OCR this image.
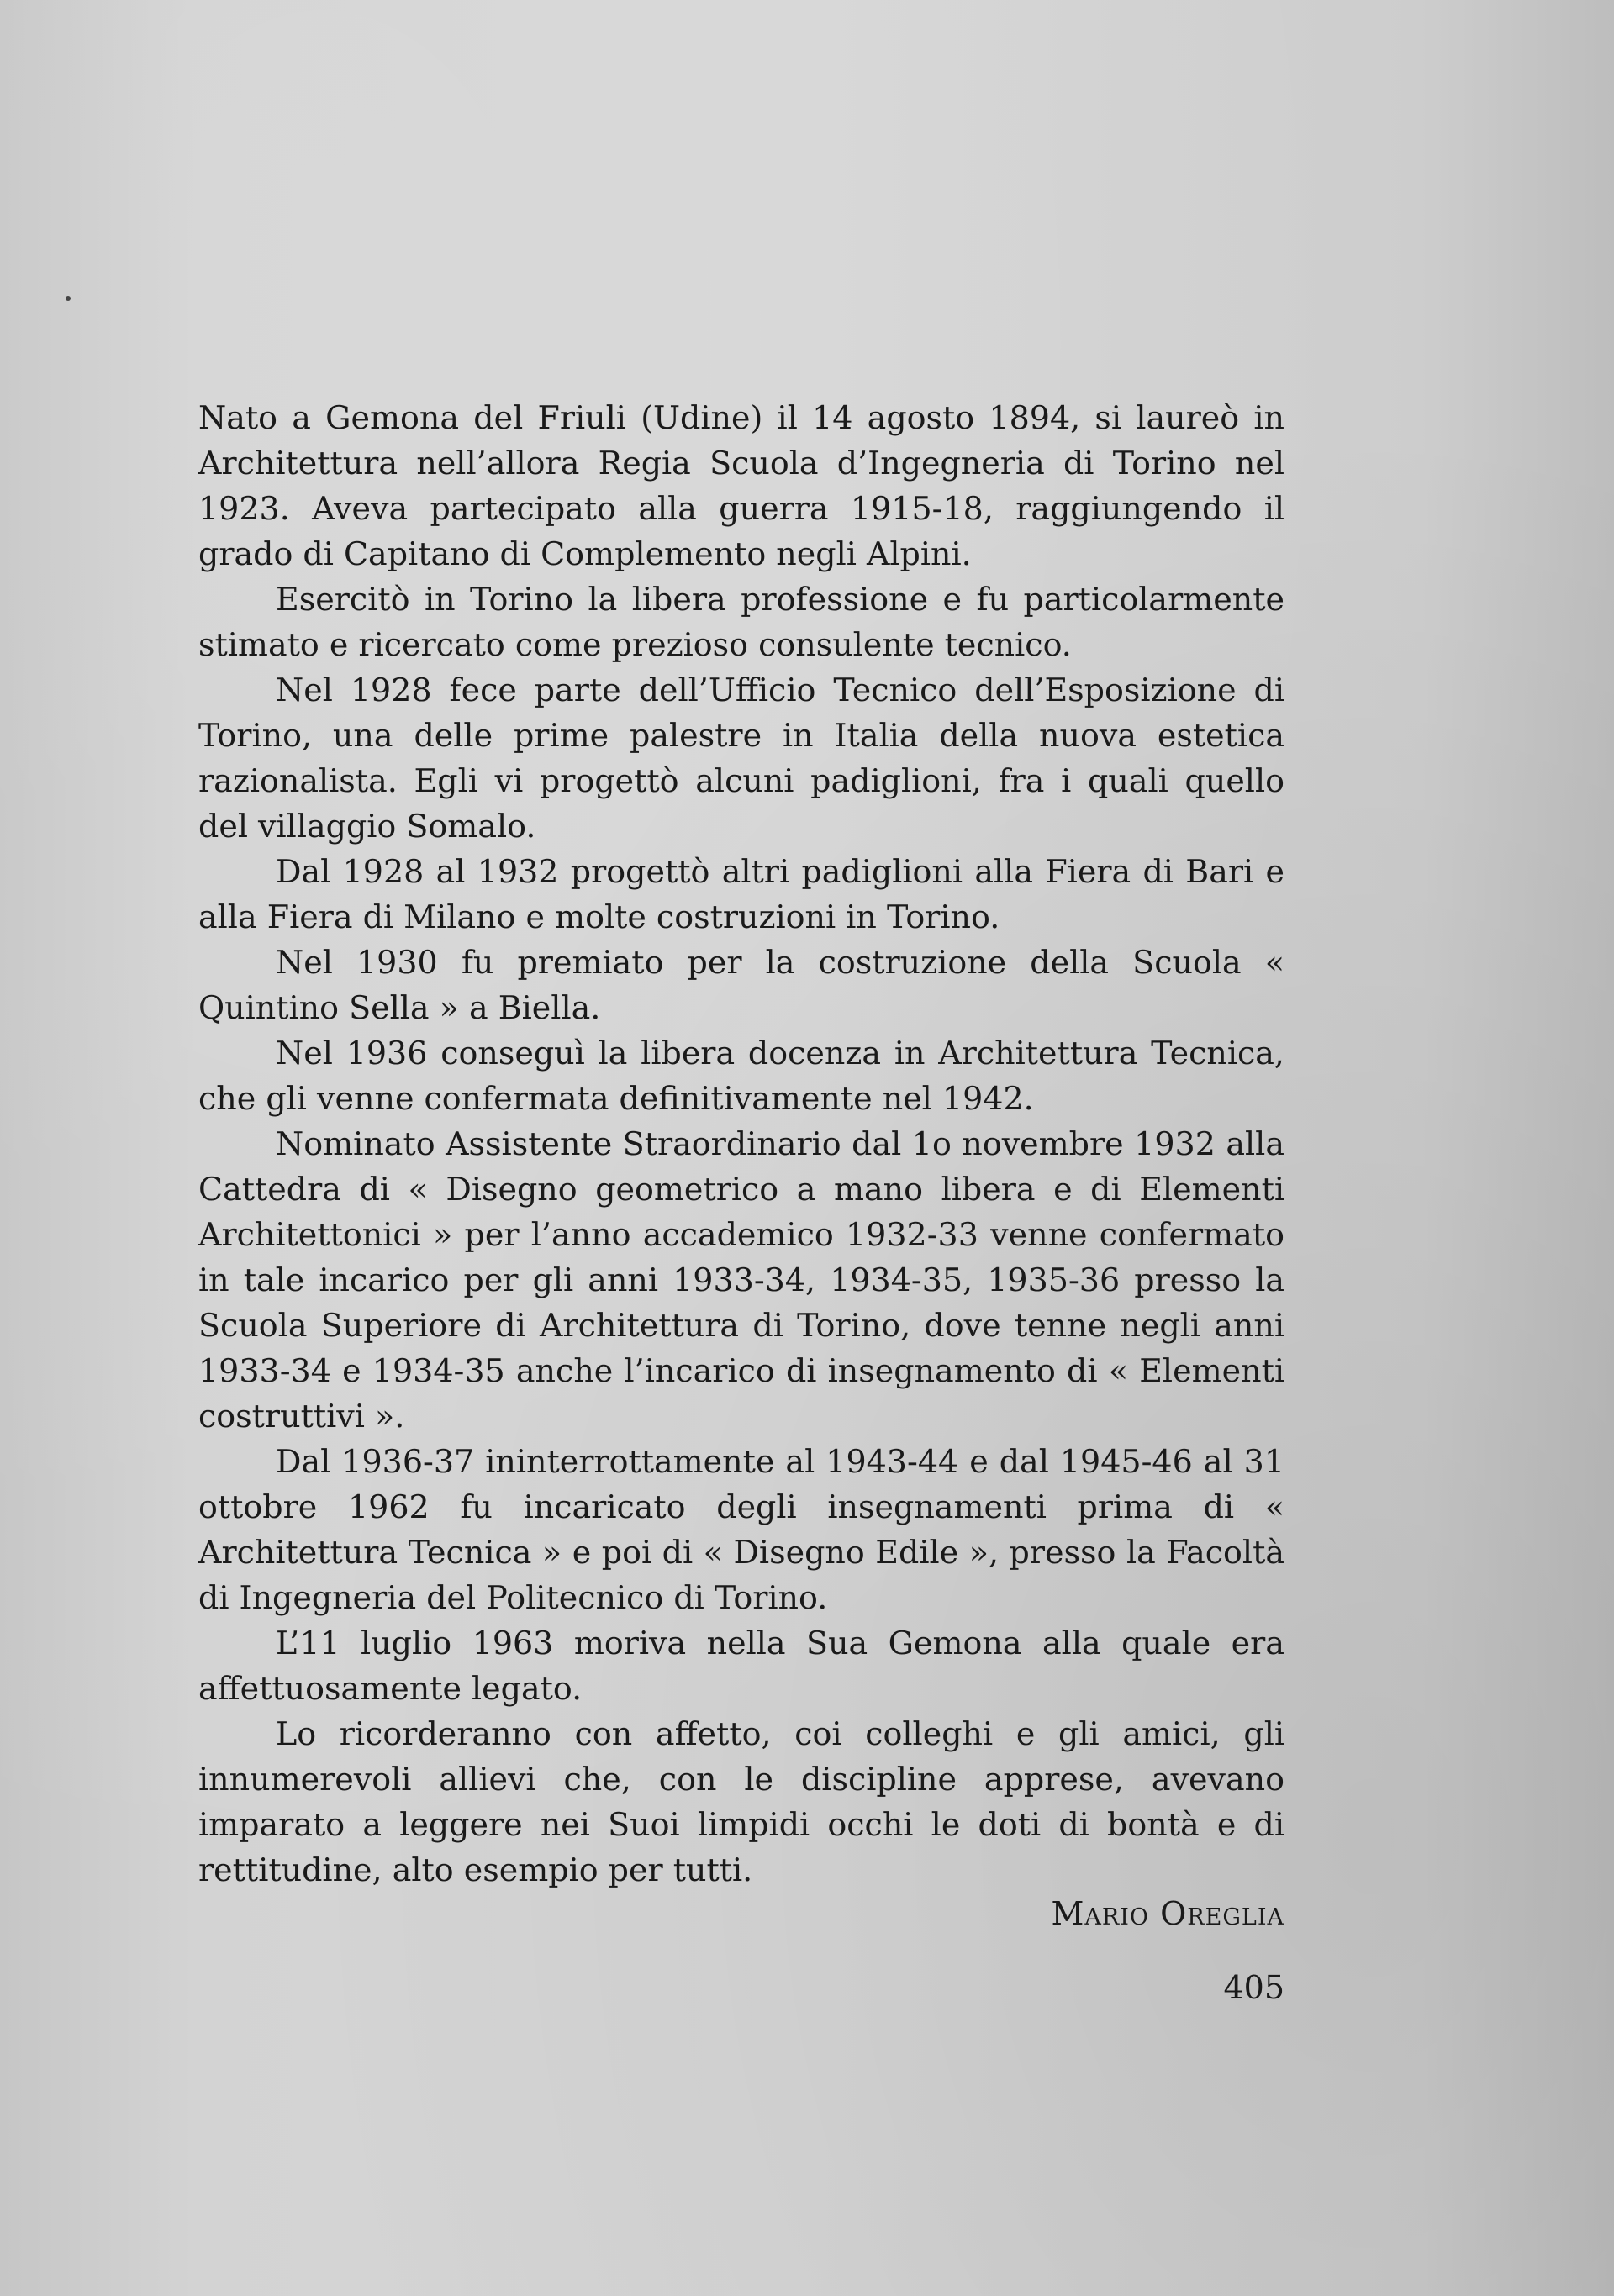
Nato a Gemona del Friuli (Udine) il 14 agosto 1894, si laureò in Architettura nell’allora Regia Scuola d’Ingegneria di Torino nel 1923. Aveva partecipato alla guerra 1915-18, raggiungendo il grado di Capitano di Complemento negli Alpini.

Esercitò in Torino la libera professione e fu particolarmente stimato e ricercato come prezioso consulente tecnico.

Nel 1928 fece parte dell’Ufficio Tecnico dell’Esposizione di Torino, una delle prime palestre in Italia della nuova estetica razionalista. Egli vi progettò alcuni padiglioni, fra i quali quello del villaggio Somalo.

Dal 1928 al 1932 progettò altri padiglioni alla Fiera di Bari e alla Fiera di Milano e molte costruzioni in Torino.

Nel 1930 fu premiato per la costruzione della Scuola « Quintino Sella » a Biella.

Nel 1936 conseguì la libera docenza in Architettura Tecnica, che gli venne confermata definitivamente nel 1942.

Nominato Assistente Straordinario dal 1o novembre 1932 alla Cattedra di « Disegno geometrico a mano libera e di Elementi Architettonici » per l’anno accademico 1932-33 venne confermato in tale incarico per gli anni 1933-34, 1934-35, 1935-36 presso la Scuola Superiore di Architettura di Torino, dove tenne negli anni 1933-34 e 1934-35 anche l’incarico di insegnamento di « Elementi costruttivi ».

Dal 1936-37 ininterrottamente al 1943-44 e dal 1945-46 al 31 ottobre 1962 fu incaricato degli insegnamenti prima di « Architettura Tecnica » e poi di « Disegno Edile », presso la Facoltà di Ingegneria del Politecnico di Torino.

L’11 luglio 1963 moriva nella Sua Gemona alla quale era affettuosamente legato.

Lo ricorderanno con affetto, coi colleghi e gli amici, gli innumerevoli allievi che, con le discipline apprese, avevano imparato a leggere nei Suoi limpidi occhi le doti di bontà e di rettitudine, alto esempio per tutti.

Mario Oreglia
405
